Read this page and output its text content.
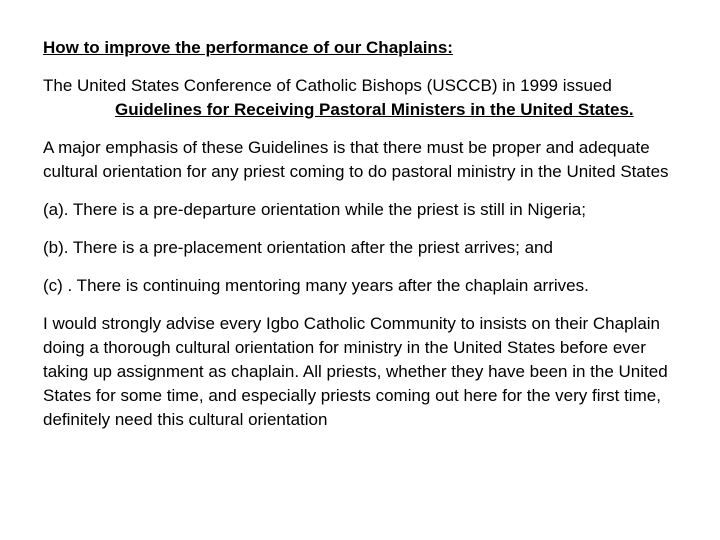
How to improve the performance of our Chaplains:

The United States Conference of Catholic Bishops (USCCB) in 1999 issued
Guidelines for Receiving Pastoral Ministers in the United States.

A major emphasis of these Guidelines is that there must be proper and adequate cultural orientation for any priest coming to do pastoral ministry in the United States

(a). There is a pre-departure orientation while the priest is still in Nigeria;

(b). There is a pre-placement orientation after the priest arrives; and

(c) . There is continuing mentoring many years after the chaplain arrives.

I would strongly advise every Igbo Catholic Community to insists on their Chaplain doing a thorough cultural orientation for ministry in the United States before ever taking up assignment as chaplain. All priests, whether they have been in the United States for some time, and especially priests coming out here for the very first time, definitely need this cultural orientation
